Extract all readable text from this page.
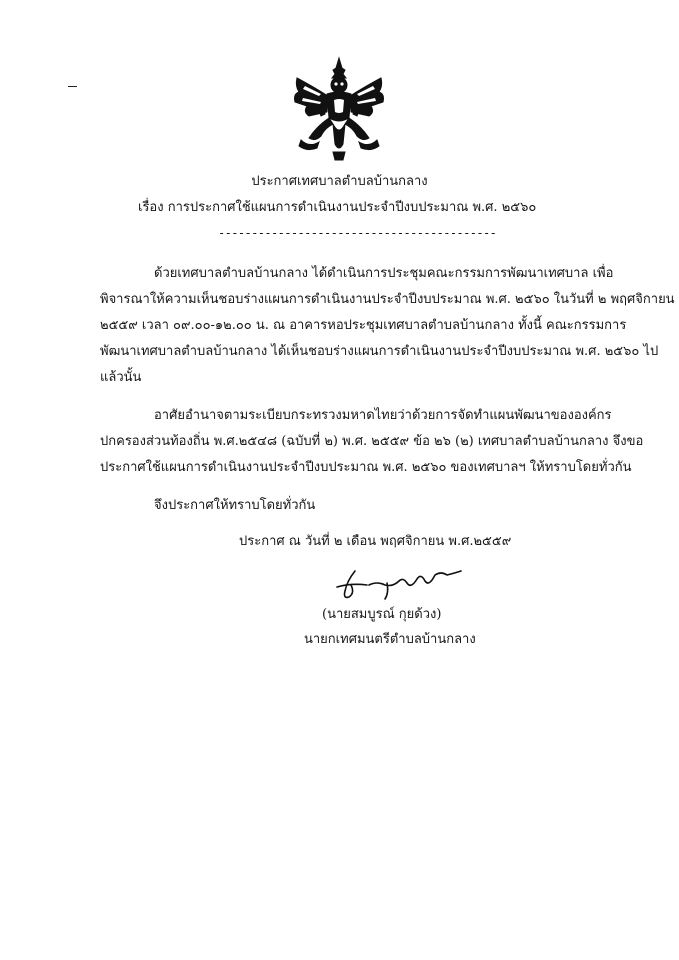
ประกาศเทศบาลตำบลบ้านกลาง
เรื่อง การประกาศใช้แผนการดำเนินงานประจำปีงบประมาณ พ.ศ. ๒๕๖๐
------------------------------------------
ด้วยเทศบาลตำบลบ้านกลาง ได้ดำเนินการประชุมคณะกรรมการพัฒนาเทศบาล เพื่อ
พิจารณาให้ความเห็นชอบร่างแผนการดำเนินงานประจำปีงบประมาณ พ.ศ. ๒๕๖๐ ในวันที่ ๒ พฤศจิกายน
๒๕๕๙ เวลา ๐๙.๐๐-๑๒.๐๐ น. ณ อาคารหอประชุมเทศบาลตำบลบ้านกลาง ทั้งนี้ คณะกรรมการ
พัฒนาเทศบาลตำบลบ้านกลาง ได้เห็นชอบร่างแผนการดำเนินงานประจำปีงบประมาณ พ.ศ. ๒๕๖๐ ไป
แล้วนั้น
อาศัยอำนาจตามระเบียบกระทรวงมหาดไทยว่าด้วยการจัดทำแผนพัฒนาขององค์กร
ปกครองส่วนท้องถิ่น พ.ศ.๒๕๔๘ (ฉบับที่ ๒) พ.ศ. ๒๕๕๙ ข้อ ๒๖ (๒) เทศบาลตำบลบ้านกลาง จึงขอ
ประกาศใช้แผนการดำเนินงานประจำปีงบประมาณ พ.ศ. ๒๕๖๐ ของเทศบาลฯ ให้ทราบโดยทั่วกัน
จึงประกาศให้ทราบโดยทั่วกัน
ประกาศ ณ วันที่ ๒ เดือน พฤศจิกายน พ.ศ.๒๕๕๙
(นายสมบูรณ์ กุยด้วง)
นายกเทศมนตรีตำบลบ้านกลาง
